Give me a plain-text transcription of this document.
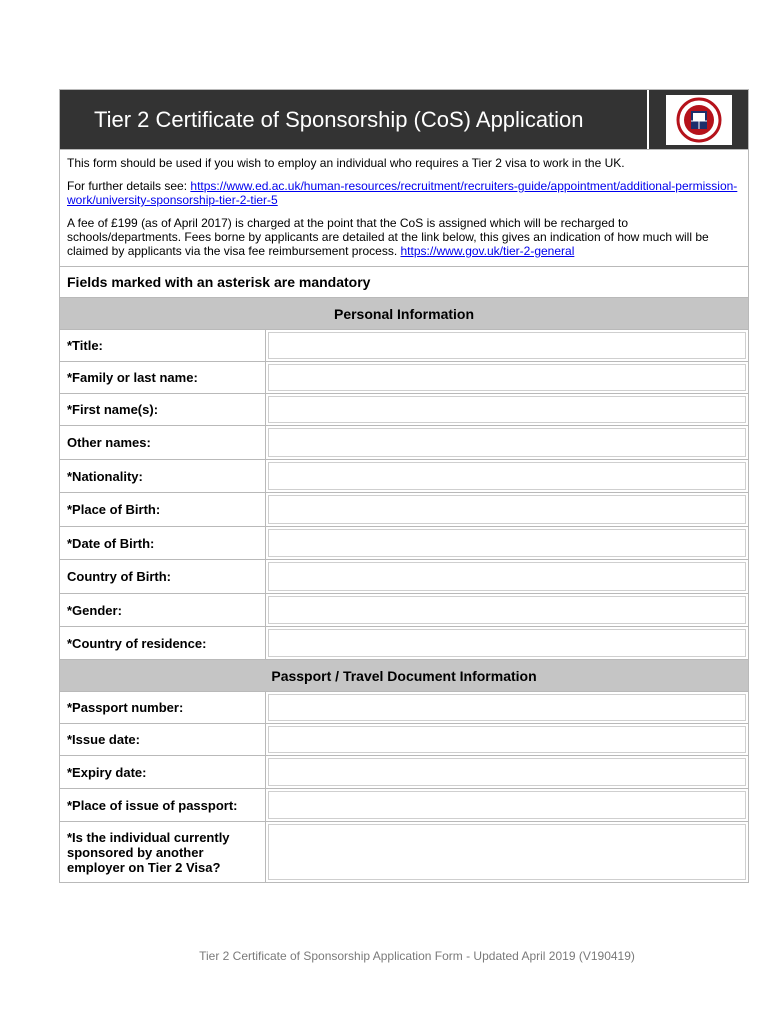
Tier 2 Certificate of Sponsorship (CoS) Application

This form should be used if you wish to employ an individual who requires a Tier 2 visa to work in the UK.

For further details see: https://www.ed.ac.uk/human-resources/recruitment/recruiters-guide/appointment/additional-permission-work/university-sponsorship-tier-2-tier-5

A fee of £199 (as of April 2017) is charged at the point that the CoS is assigned which will be recharged to schools/departments. Fees borne by applicants are detailed at the link below, this gives an indication of how much will be claimed by applicants via the visa fee reimbursement process. https://www.gov.uk/tier-2-general

Fields marked with an asterisk are mandatory
Personal Information
*Title:
*Family or last name:
*First name(s):
Other names:
*Nationality:
*Place of Birth:
*Date of Birth:
Country of Birth:
*Gender:
*Country of residence:
Passport / Travel Document Information
*Passport number:
*Issue date:
*Expiry date:
*Place of issue of passport:
*Is the individual currently sponsored by another employer on Tier 2 Visa?
Tier 2 Certificate of Sponsorship Application Form - Updated April 2019 (V190419)
